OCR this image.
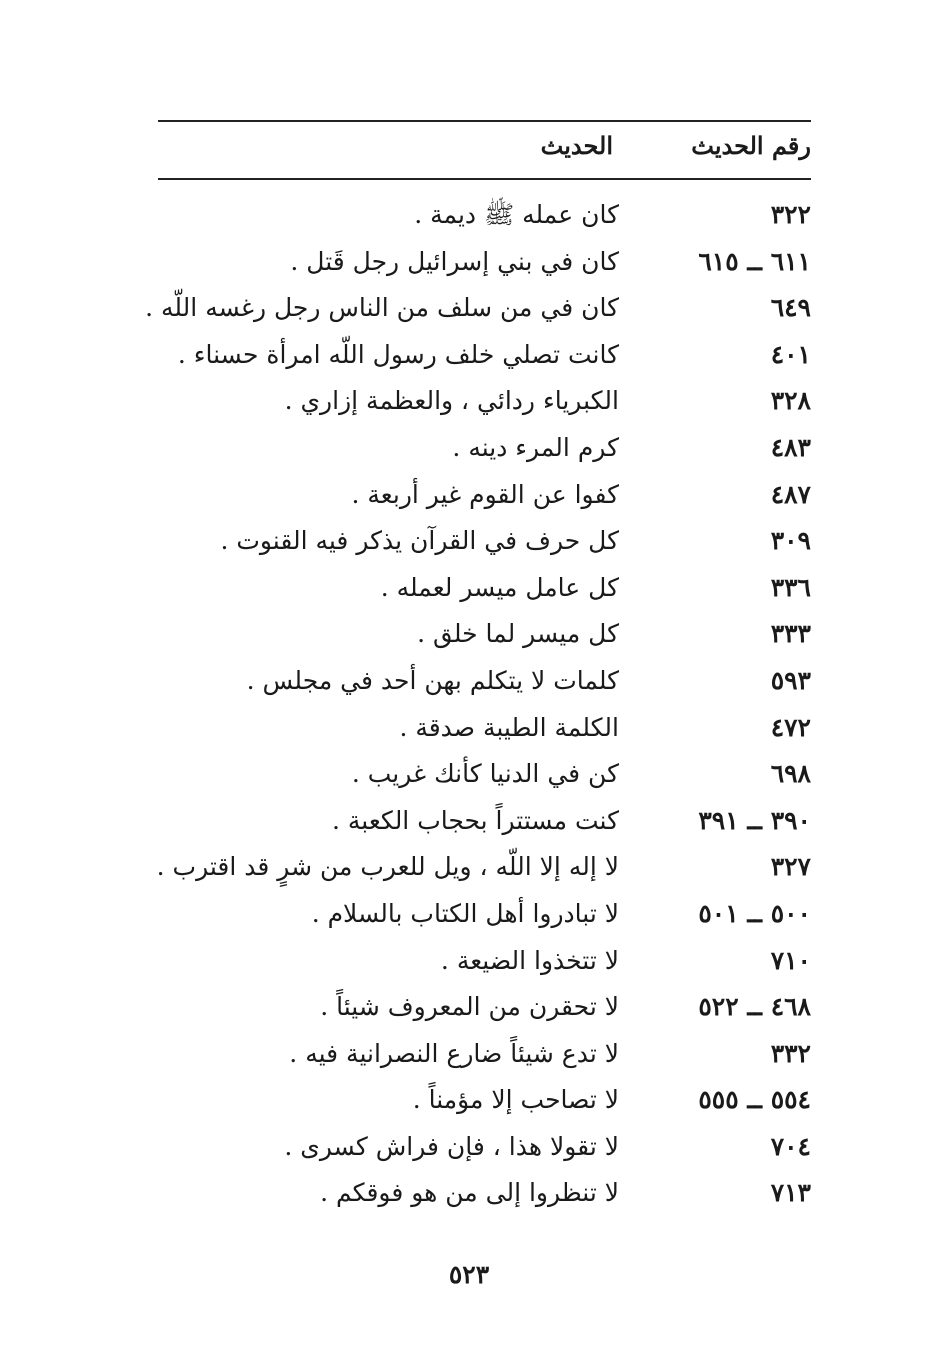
رقم الحديث
الحديث
٣٢٢
كان عمله ﷺ ديمة .
٦١١ ــ ٦١٥
كان في بني إسرائيل رجل قَتل .
٦٤٩
كان في من سلف من الناس رجل رغسه اللّه .
٤٠١
كانت تصلي خلف رسول اللّه امرأة حسناء .
٣٢٨
الكبرياء ردائي ، والعظمة إزاري .
٤٨٣
كرم المرء دينه .
٤٨٧
كفوا عن القوم غير أربعة .
٣٠٩
كل حرف في القرآن يذكر فيه القنوت .
٣٣٦
كل عامل ميسر لعمله .
٣٣٣
كل ميسر لما خلق .
٥٩٣
كلمات لا يتكلم بهن أحد في مجلس .
٤٧٢
الكلمة الطيبة صدقة .
٦٩٨
كن في الدنيا كأنك غريب .
٣٩٠ ــ ٣٩١
كنت مستتراً بحجاب الكعبة .
٣٢٧
لا إله إلا اللّه ، ويل للعرب من شرٍ قد اقترب .
٥٠٠ ــ ٥٠١
لا تبادروا أهل الكتاب بالسلام .
٧١٠
لا تتخذوا الضيعة .
٤٦٨ ــ ٥٢٢
لا تحقرن من المعروف شيئاً .
٣٣٢
لا تدع شيئاً ضارع النصرانية فيه .
٥٥٤ ــ ٥٥٥
لا تصاحب إلا مؤمناً .
٧٠٤
لا تقولا هذا ، فإن فراش كسرى .
٧١٣
لا تنظروا إلى من هو فوقكم .
٥٢٣
